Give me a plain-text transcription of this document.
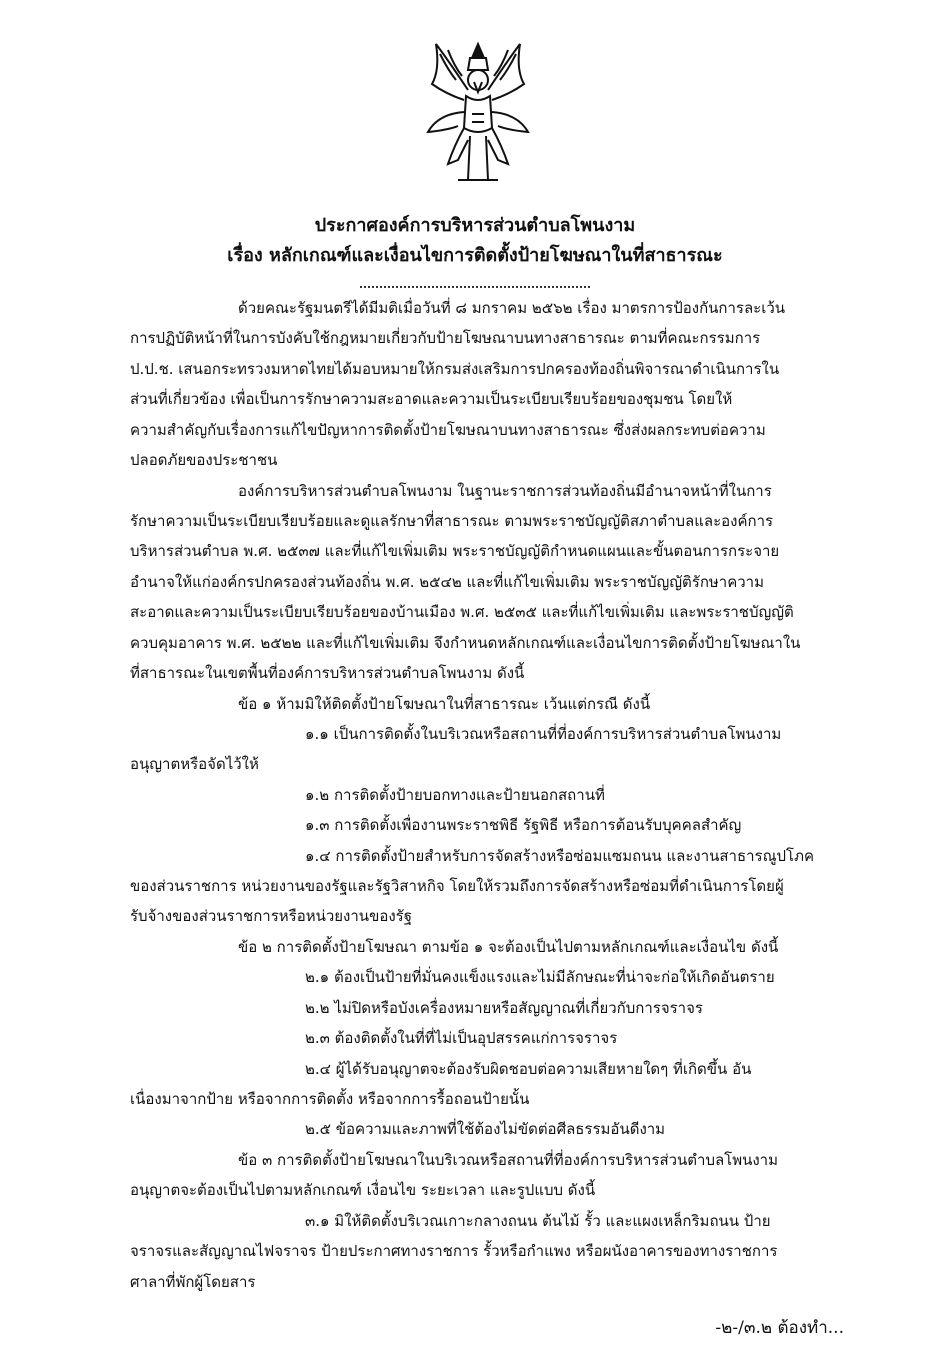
ประกาศองค์การบริหารส่วนตำบลโพนงาม
เรื่อง หลักเกณฑ์และเงื่อนไขการติดตั้งป้ายโฆษณาในที่สาธารณะ
ด้วยคณะรัฐมนตรีได้มีมติเมื่อวันที่ ๘ มกราคม ๒๕๖๒ เรื่อง มาตรการป้องกันการละเว้น
การปฏิบัติหน้าที่ในการบังคับใช้กฎหมายเกี่ยวกับป้ายโฆษณาบนทางสาธารณะ ตามที่คณะกรรมการ
ป.ป.ช. เสนอกระทรวงมหาดไทยได้มอบหมายให้กรมส่งเสริมการปกครองท้องถิ่นพิจารณาดำเนินการใน
ส่วนที่เกี่ยวข้อง เพื่อเป็นการรักษาความสะอาดและความเป็นระเบียบเรียบร้อยของชุมชน โดยให้
ความสำคัญกับเรื่องการแก้ไขปัญหาการติดตั้งป้ายโฆษณาบนทางสาธารณะ ซึ่งส่งผลกระทบต่อความ
ปลอดภัยของประชาชน
องค์การบริหารส่วนตำบลโพนงาม ในฐานะราชการส่วนท้องถิ่นมีอำนาจหน้าที่ในการ
รักษาความเป็นระเบียบเรียบร้อยและดูแลรักษาที่สาธารณะ ตามพระราชบัญญัติสภาตำบลและองค์การ
บริหารส่วนตำบล พ.ศ. ๒๕๓๗ และที่แก้ไขเพิ่มเติม พระราชบัญญัติกำหนดแผนและขั้นตอนการกระจาย
อำนาจให้แก่องค์กรปกครองส่วนท้องถิ่น พ.ศ. ๒๕๔๒ และที่แก้ไขเพิ่มเติม พระราชบัญญัติรักษาความ
สะอาดและความเป็นระเบียบเรียบร้อยของบ้านเมือง พ.ศ. ๒๕๓๕ และที่แก้ไขเพิ่มเติม และพระราชบัญญัติ
ควบคุมอาคาร พ.ศ. ๒๕๒๒ และที่แก้ไขเพิ่มเติม จึงกำหนดหลักเกณฑ์และเงื่อนไขการติดตั้งป้ายโฆษณาใน
ที่สาธารณะในเขตพื้นที่องค์การบริหารส่วนตำบลโพนงาม ดังนี้
ข้อ ๑ ห้ามมิให้ติดตั้งป้ายโฆษณาในที่สาธารณะ เว้นแต่กรณี ดังนี้
๑.๑ เป็นการติดตั้งในบริเวณหรือสถานที่ที่องค์การบริหารส่วนตำบลโพนงาม
อนุญาตหรือจัดไว้ให้
๑.๒ การติดตั้งป้ายบอกทางและป้ายนอกสถานที่
๑.๓ การติดตั้งเพื่องานพระราชพิธี รัฐพิธี หรือการต้อนรับบุคคลสำคัญ
๑.๔ การติดตั้งป้ายสำหรับการจัดสร้างหรือซ่อมแซมถนน และงานสาธารณูปโภค
ของส่วนราชการ หน่วยงานของรัฐและรัฐวิสาหกิจ โดยให้รวมถึงการจัดสร้างหรือซ่อมที่ดำเนินการโดยผู้
รับจ้างของส่วนราชการหรือหน่วยงานของรัฐ
ข้อ ๒ การติดตั้งป้ายโฆษณา ตามข้อ ๑ จะต้องเป็นไปตามหลักเกณฑ์และเงื่อนไข ดังนี้
๒.๑ ต้องเป็นป้ายที่มั่นคงแข็งแรงและไม่มีลักษณะที่น่าจะก่อให้เกิดอันตราย
๒.๒ ไม่ปิดหรือบังเครื่องหมายหรือสัญญาณที่เกี่ยวกับการจราจร
๒.๓ ต้องติดตั้งในที่ที่ไม่เป็นอุปสรรคแก่การจราจร
๒.๔ ผู้ได้รับอนุญาตจะต้องรับผิดชอบต่อความเสียหายใดๆ ที่เกิดขึ้น อัน
เนื่องมาจากป้าย หรือจากการติดตั้ง หรือจากการรื้อถอนป้ายนั้น
๒.๕ ข้อความและภาพที่ใช้ต้องไม่ขัดต่อศีลธรรมอันดีงาม
ข้อ ๓ การติดตั้งป้ายโฆษณาในบริเวณหรือสถานที่ที่องค์การบริหารส่วนตำบลโพนงาม
อนุญาตจะต้องเป็นไปตามหลักเกณฑ์ เงื่อนไข ระยะเวลา และรูปแบบ ดังนี้
๓.๑ มิให้ติดตั้งบริเวณเกาะกลางถนน ต้นไม้ รั้ว และแผงเหล็กริมถนน ป้าย
จราจรและสัญญาณไฟจราจร ป้ายประกาศทางราชการ รั้วหรือกำแพง หรือผนังอาคารของทางราชการ
ศาลาที่พักผู้โดยสาร
-๒-/๓.๒ ต้องทำ...
